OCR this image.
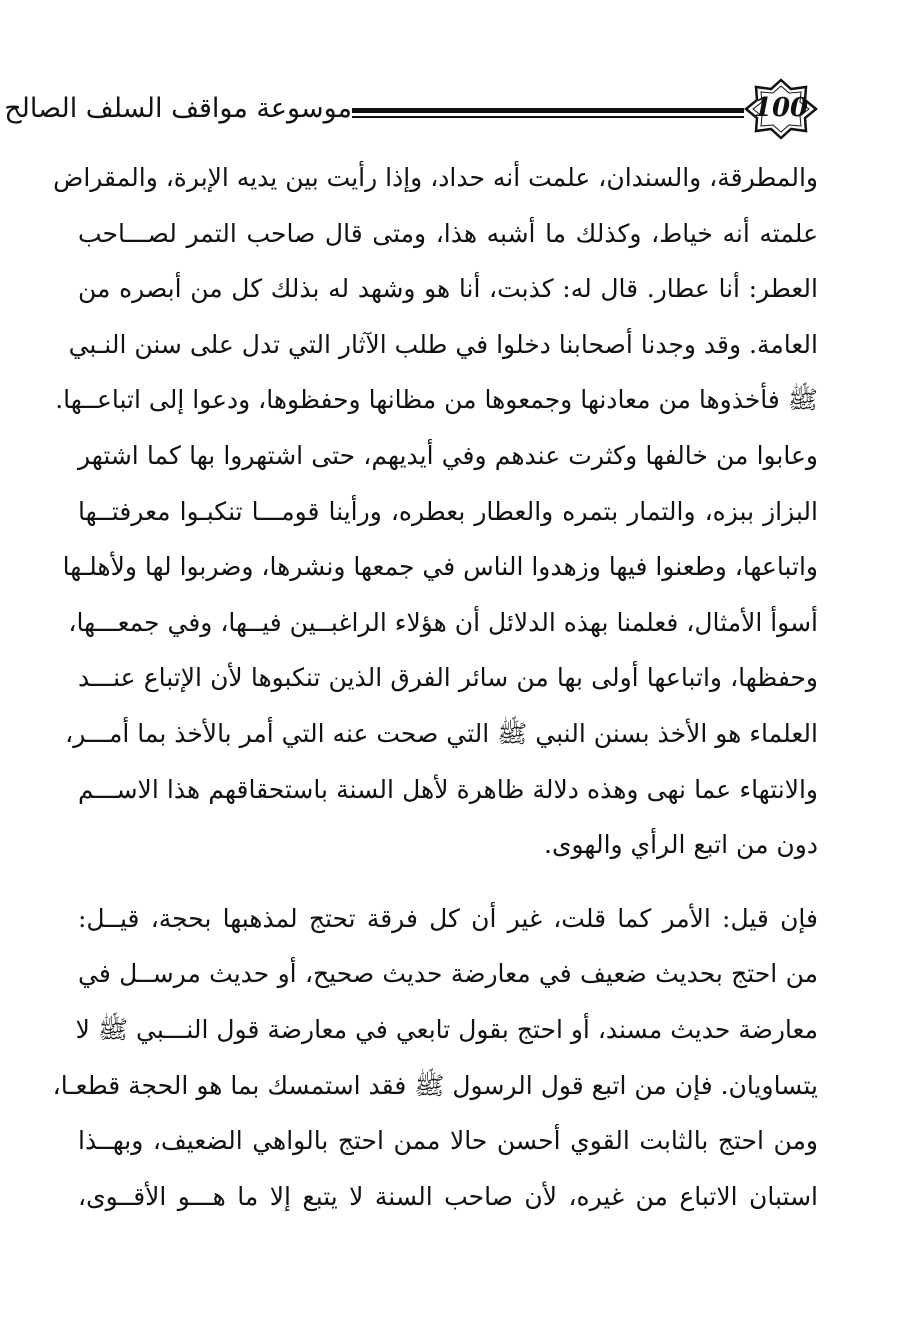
موسوعة مواقف السلف الصالح	100
والمطرقة، والسندان، علمت أنه حداد، وإذا رأيت بين يديه الإبرة، والمقراض
علمته أنه خياط، وكذلك ما أشبه هذا، ومتى قال صاحب التمر لصـــاحب
العطر: أنا عطار. قال له: كذبت، أنا هو وشهد له بذلك كل من أبصره من
العامة. وقد وجدنا أصحابنا دخلوا في طلب الآثار التي تدل على سنن النـبي
ﷺ فأخذوها من معادنها وجمعوها من مظانها وحفظوها، ودعوا إلى اتباعــها.
وعابوا من خالفها وكثرت عندهم وفي أيديهم، حتى اشتهروا بها كما اشتهر
البزاز ببزه، والتمار بتمره والعطار بعطره، ورأينا قومـــا تنكبـوا معرفتــها
واتباعها، وطعنوا فيها وزهدوا الناس في جمعها ونشرها، وضربوا لها ولأهلـها
أسوأ الأمثال، فعلمنا بهذه الدلائل أن هؤلاء الراغبــين فيــها، وفي جمعـــها،
وحفظها، واتباعها أولى بها من سائر الفرق الذين تنكبوها لأن الإتباع عنـــد
العلماء هو الأخذ بسنن النبي ﷺ التي صحت عنه التي أمر بالأخذ بما أمـــر،
والانتهاء عما نهى وهذه دلالة ظاهرة لأهل السنة باستحقاقهم هذا الاســـم
دون من اتبع الرأي والهوى.
فإن قيل: الأمر كما قلت، غير أن كل فرقة تحتج لمذهبها بحجة، قيــل:
من احتج بحديث ضعيف في معارضة حديث صحيح، أو حديث مرســل في
معارضة حديث مسند، أو احتج بقول تابعي في معارضة قول النـــبي ﷺ لا
يتساويان. فإن من اتبع قول الرسول ﷺ فقد استمسك بما هو الحجة قطعـا،
ومن احتج بالثابت القوي أحسن حالا ممن احتج بالواهي الضعيف، وبهــذا
استبان الاتباع من غيره، لأن صاحب السنة لا يتبع إلا ما هـــو الأقــوى،
